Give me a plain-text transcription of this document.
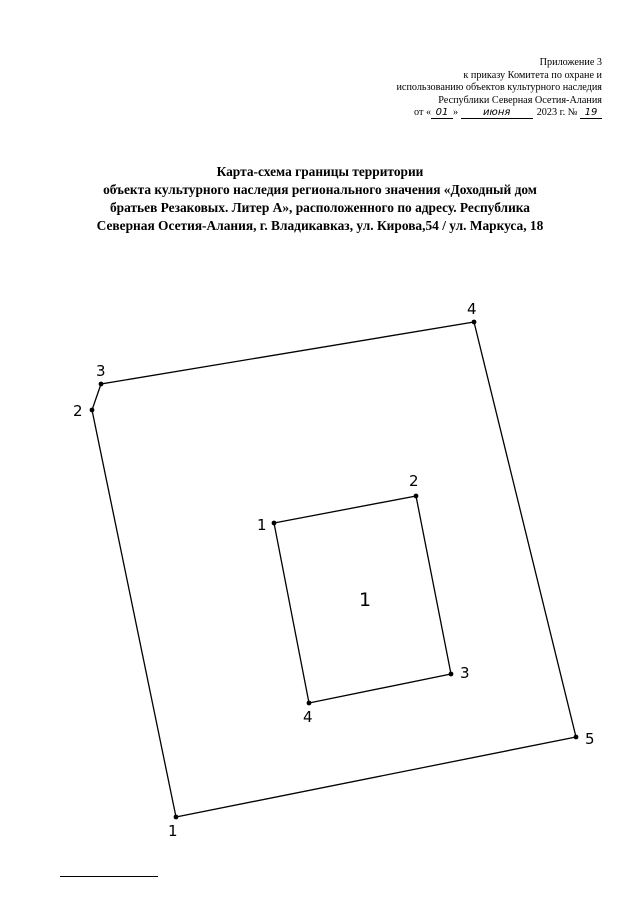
Приложение 3
к приказу Комитета по охране и
использованию объектов культурного наследия
Республики Северная Осетия-Алания
от « 01 » июня	2023 г. № 19
Карта-схема границы территории
объекта культурного наследия регионального значения «Доходный дом
братьев Резаковых. Литер А», расположенного по адресу. Республика
Северная Осетия-Алания, г. Владикавказ, ул. Кирова,54 / ул. Маркуса, 18
1
2
3
4
5
1
2
3
4
1
